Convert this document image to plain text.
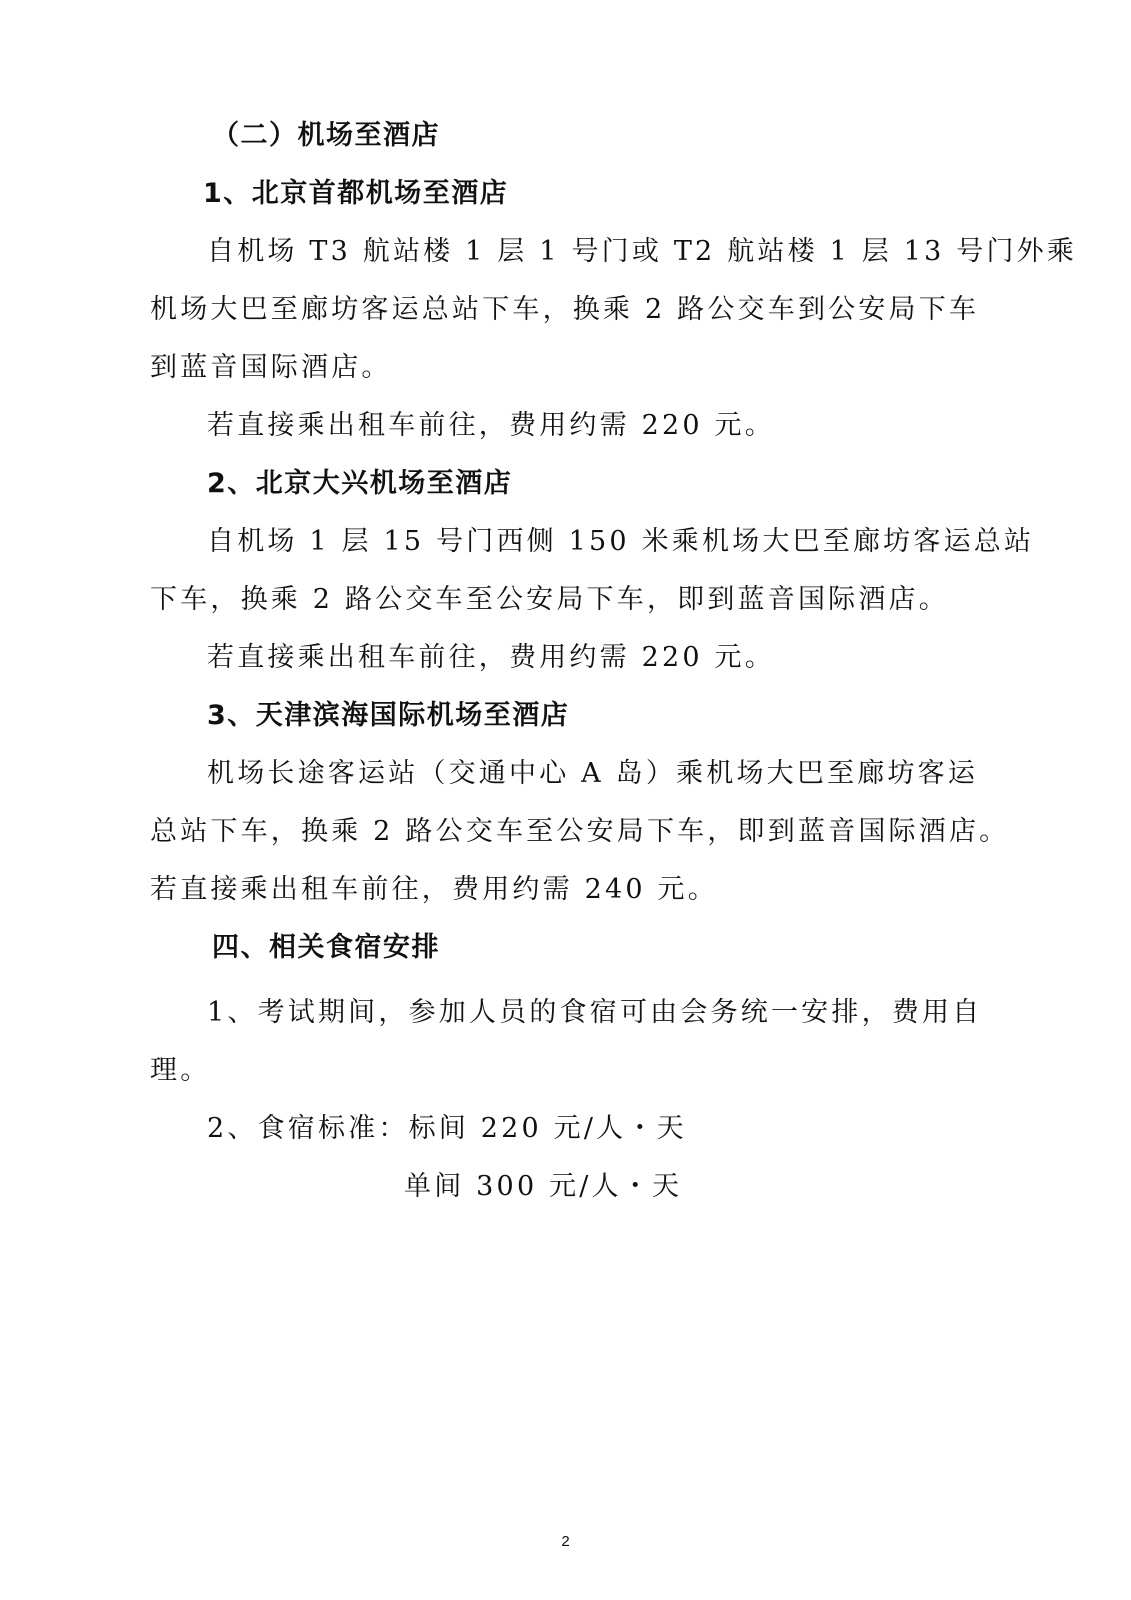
（二）机场至酒店
1、北京首都机场至酒店
自机场 T3 航站楼 1 层 1 号门或 T2 航站楼 1 层 13 号门外乘
机场大巴至廊坊客运总站下车，换乘 2 路公交车到公安局下车
到蓝音国际酒店。
若直接乘出租车前往，费用约需 220 元。
2、北京大兴机场至酒店
自机场 1 层 15 号门西侧 150 米乘机场大巴至廊坊客运总站
下车，换乘 2 路公交车至公安局下车，即到蓝音国际酒店。
若直接乘出租车前往，费用约需 220 元。
3、天津滨海国际机场至酒店
机场长途客运站（交通中心 A 岛）乘机场大巴至廊坊客运
总站下车，换乘 2 路公交车至公安局下车，即到蓝音国际酒店。
若直接乘出租车前往，费用约需 240 元。
四、相关食宿安排
1、考试期间，参加人员的食宿可由会务统一安排，费用自
理。
2、食宿标准：标间 220 元/人・天
单间 300 元/人・天
2
